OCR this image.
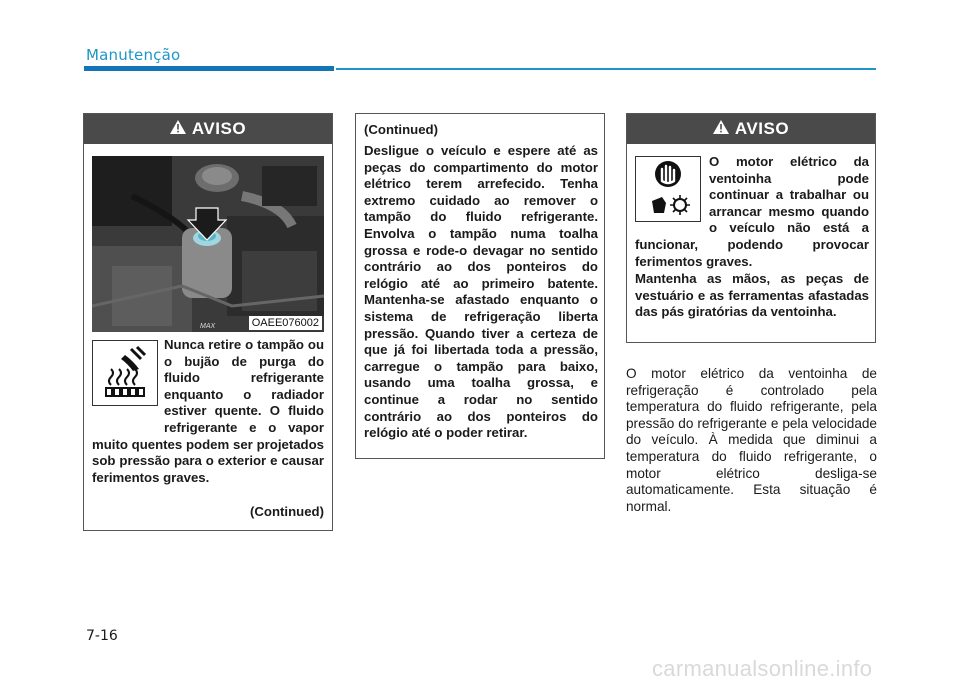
Manutenção
AVISO
MAX	OAEE076002
Nunca retire o tampão ou o bujão de purga do fluido refrigerante enquanto o radiador estiver quente. O fluido refrigerante e o vapor muito quentes podem ser projetados sob pressão para o exterior e causar ferimentos graves.
(Continued)
(Continued)
Desligue o veículo e espere até as peças do compartimento do motor elétrico terem arrefecido. Tenha extremo cuidado ao remover o tampão do fluido refrigerante. Envolva o tampão numa toalha grossa e rode-o devagar no sentido contrário ao dos ponteiros do relógio até ao primeiro batente. Mantenha-se afastado enquanto o sistema de refrigeração liberta pressão. Quando tiver a certeza de que já foi libertada toda a pressão, carregue o tampão para baixo, usando uma toalha grossa, e continue a rodar no sentido contrário ao dos ponteiros do relógio até o poder retirar.
AVISO
O motor elétrico da ventoinha pode continuar a trabalhar ou arrancar mesmo quando o veículo não está a funcionar, podendo provocar ferimentos graves.
Mantenha as mãos, as peças de vestuário e as ferramentas afastadas das pás giratórias da ventoinha.
O motor elétrico da ventoinha de refrigeração é controlado pela temperatura do fluido refrigerante, pela pressão do refrigerante e pela velocidade do veículo. À medida que diminui a temperatura do fluido refrigerante, o motor elétrico desliga-se automaticamente. Esta situação é normal.
7-16
carmanualsonline.info
